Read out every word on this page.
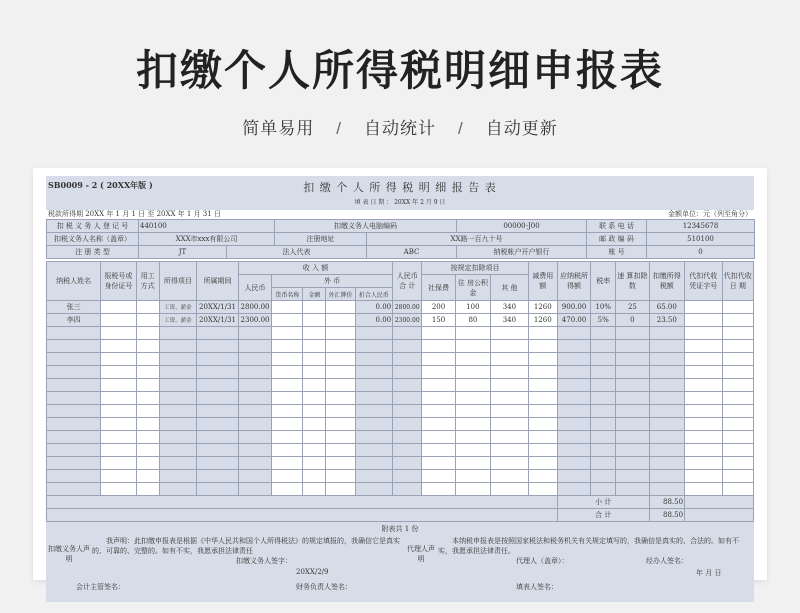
扣缴个人所得税明细申报表
简单易用 / 自动统计 / 自动更新
SB0009 - 2 ( 20XX年版 )	扣 缴 个 人 所 得 税 明 细 报 告 表
填 表 日 期 ： 20XX 年 2 月 9 日
税款所得期 20XX 年 1 月 1 日 至 20XX 年 1 月 31 日	金额单位：元（列至角分）
扣 税 义 务 人 登 记 号	440100		扣缴义务人电脑编码		00000-J00	联 系 电 话	12345678
扣税义务人名称（盖章）	XXX市xxx有限公司		注册地址	XX路一百九十号		邮 政 编 码	510100
注 册 类 型	JT	法人代表		ABC	纳税帐户开户银行	账 号	0
纳税人姓名	报税号或身份证号	用工方式	所得项目	所属期间	收 入 额					人民币合 计	按规定扣除项目			减费用额	应纳税所得额	税率	速 算扣除数	扣缴所得税额	代扣代收凭证字号	代扣代收日 期
					人民币	外 币					社保费	住 房公积金	其 他							
						货币名称	金额	外汇牌价	折合人民币											
张三			工资、薪金	20XX/1/31	2800.00				0.00	2800.00	200	100	340	1260	900.00	10%	25	65.00		
李四			工资、薪金	20XX/1/31	2300.00				0.00	2300.00	150	80	340	1260	470.00	5%	0	23.50		

															小 计			88.50		
															合 计			88.50		
附表共 1 份
扣缴义务人声 明
我声明：此扣缴申报表是根据《中华人民共和国个人所得税法》的规定填报的，我确信它是真实的、可靠的、完整的。如有不实，我愿承担法律责任
扣缴义务人签字：
20XX/2/9
代理人声 明
本纳税申报表是按照国家税法和税务机关有关规定填写的，我确信是真实的、合法的。如有不实，我愿承担法律责任。
代理人（盖章）：	经办人签名：
年 月 日
会计主管签名：	财务负责人签名：	填表人签名：
